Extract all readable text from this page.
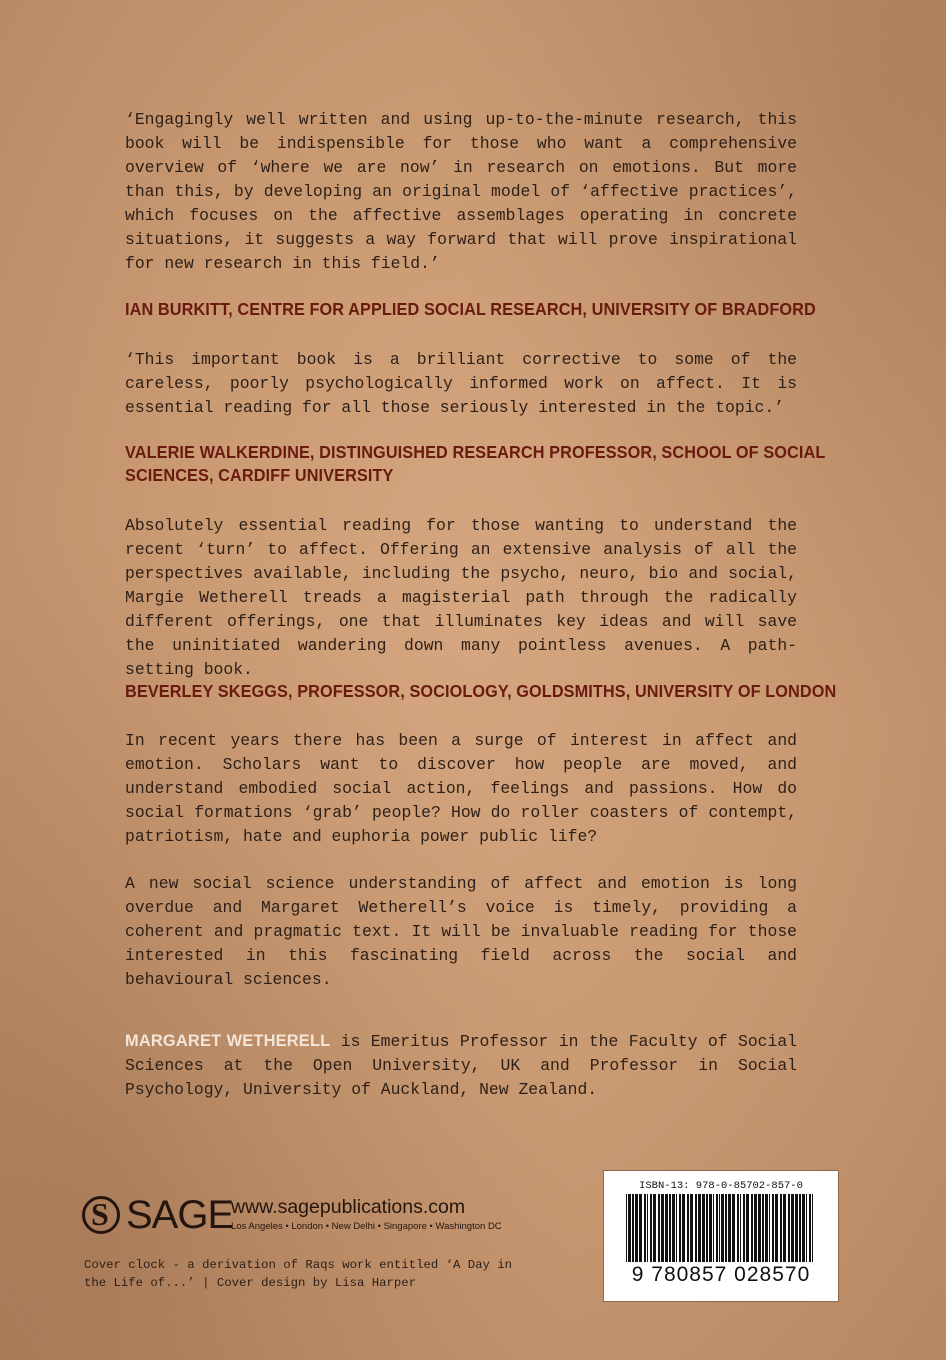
‘Engagingly well written and using up-to-the-minute research, this book will be indispensible for those who want a comprehensive overview of ‘where we are now’ in research on emotions. But more than this, by developing an original model of ‘affective practices’, which focuses on the affective assemblages operating in concrete situations, it suggests a way forward that will prove inspirational for new research in this field.’

IAN BURKITT, CENTRE FOR APPLIED SOCIAL RESEARCH, UNIVERSITY OF BRADFORD

‘This important book is a brilliant corrective to some of the careless, poorly psychologically informed work on affect. It is essential reading for all those seriously interested in the topic.’

VALERIE WALKERDINE, DISTINGUISHED RESEARCH PROFESSOR, SCHOOL OF SOCIAL
SCIENCES, CARDIFF UNIVERSITY

Absolutely essential reading for those wanting to understand the recent ‘turn’ to affect. Offering an extensive analysis of all the perspectives available, including the psycho, neuro, bio and social, Margie Wetherell treads a magisterial path through the radically different offerings, one that illuminates key ideas and will save the uninitiated wandering down many pointless avenues. A path-setting book.

BEVERLEY SKEGGS, PROFESSOR, SOCIOLOGY, GOLDSMITHS, UNIVERSITY OF LONDON

In recent years there has been a surge of interest in affect and emotion. Scholars want to discover how people are moved, and understand embodied social action, feelings and passions. How do social formations ‘grab’ people? How do roller coasters of contempt, patriotism, hate and euphoria power public life?

A new social science understanding of affect and emotion is long overdue and Margaret Wetherell’s voice is timely, providing a coherent and pragmatic text. It will be invaluable reading for those interested in this fascinating field across the social and behavioural sciences.

MARGARET WETHERELL is Emeritus Professor in the Faculty of Social Sciences at the Open University, UK and Professor in Social Psychology, University of Auckland, New Zealand.

S SAGE
www.sagepublications.com
Los Angeles • London • New Delhi • Singapore • Washington DC
Cover clock - a derivation of Raqs work entitled ‘A Day in
the Life of...’ | Cover design by Lisa Harper
ISBN-13: 978-0-85702-857-0
9 780857 028570
